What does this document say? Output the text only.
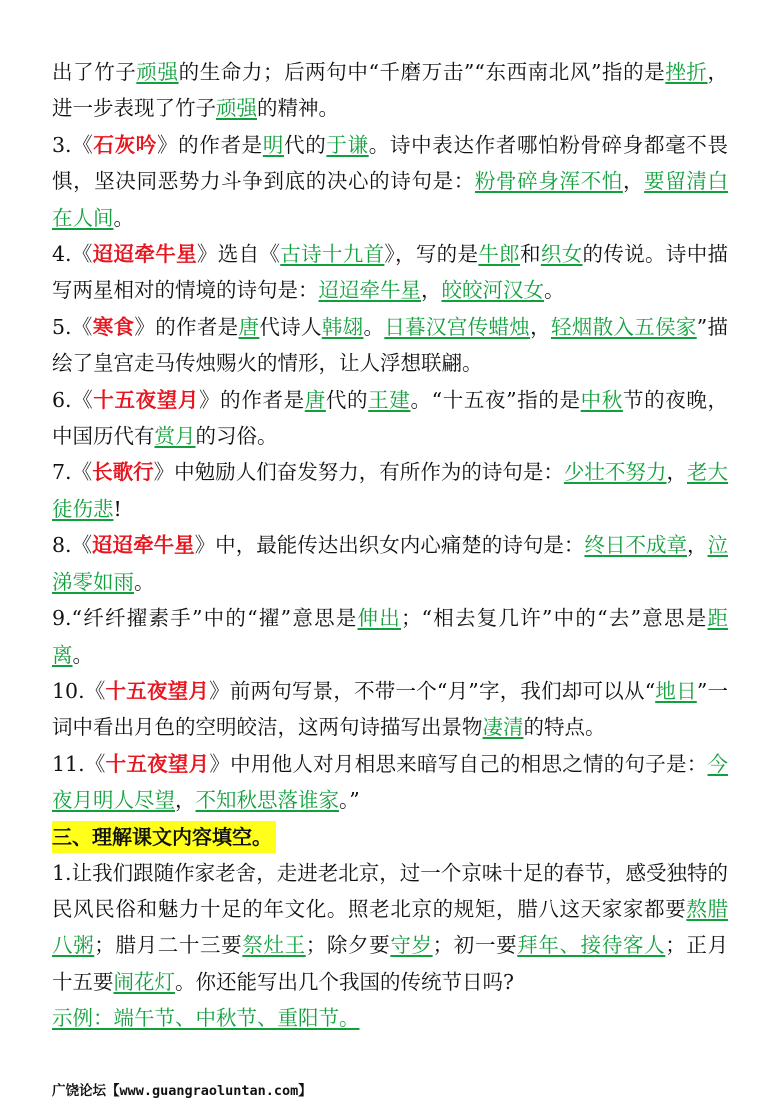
出了竹子顽强的生命力；后两句中“千磨万击”“东西南北风”指的是挫折，进一步表现了竹子顽强的精神。

3.《石灰吟》的作者是明代的于谦。诗中表达作者哪怕粉骨碎身都毫不畏惧，坚决同恶势力斗争到底的决心的诗句是：粉骨碎身浑不怕，要留清白在人间。

4.《迢迢牵牛星》选自《古诗十九首》，写的是牛郎和织女的传说。诗中描写两星相对的情境的诗句是：迢迢牵牛星，皎皎河汉女。

5.《寒食》的作者是唐代诗人韩翃。日暮汉宫传蜡烛，轻烟散入五侯家”描绘了皇宫走马传烛赐火的情形，让人浮想联翩。

6.《十五夜望月》的作者是唐代的王建。“十五夜”指的是中秋节的夜晚，中国历代有赏月的习俗。

7.《长歌行》中勉励人们奋发努力，有所作为的诗句是：少壮不努力，老大徒伤悲!

8.《迢迢牵牛星》中，最能传达出织女内心痛楚的诗句是：终日不成章，泣涕零如雨。

9.“纤纤擢素手”中的“擢”意思是伸出；“相去复几许”中的“去”意思是距离。

10.《十五夜望月》前两句写景，不带一个“月”字，我们却可以从“地日”一词中看出月色的空明皎洁，这两句诗描写出景物凄清的特点。

11.《十五夜望月》中用他人对月相思来暗写自己的相思之情的句子是：今夜月明人尽望，不知秋思落谁家。”

三、理解课文内容填空。

1.让我们跟随作家老舍，走进老北京，过一个京味十足的春节，感受独特的民风民俗和魅力十足的年文化。照老北京的规矩，腊八这天家家都要熬腊八粥；腊月二十三要祭灶王；除夕要守岁；初一要拜年、接待客人；正月十五要闹花灯。你还能写出几个我国的传统节日吗?

示例：端午节、中秋节、重阳节。

广饶论坛【www.guangraoluntan.com】
